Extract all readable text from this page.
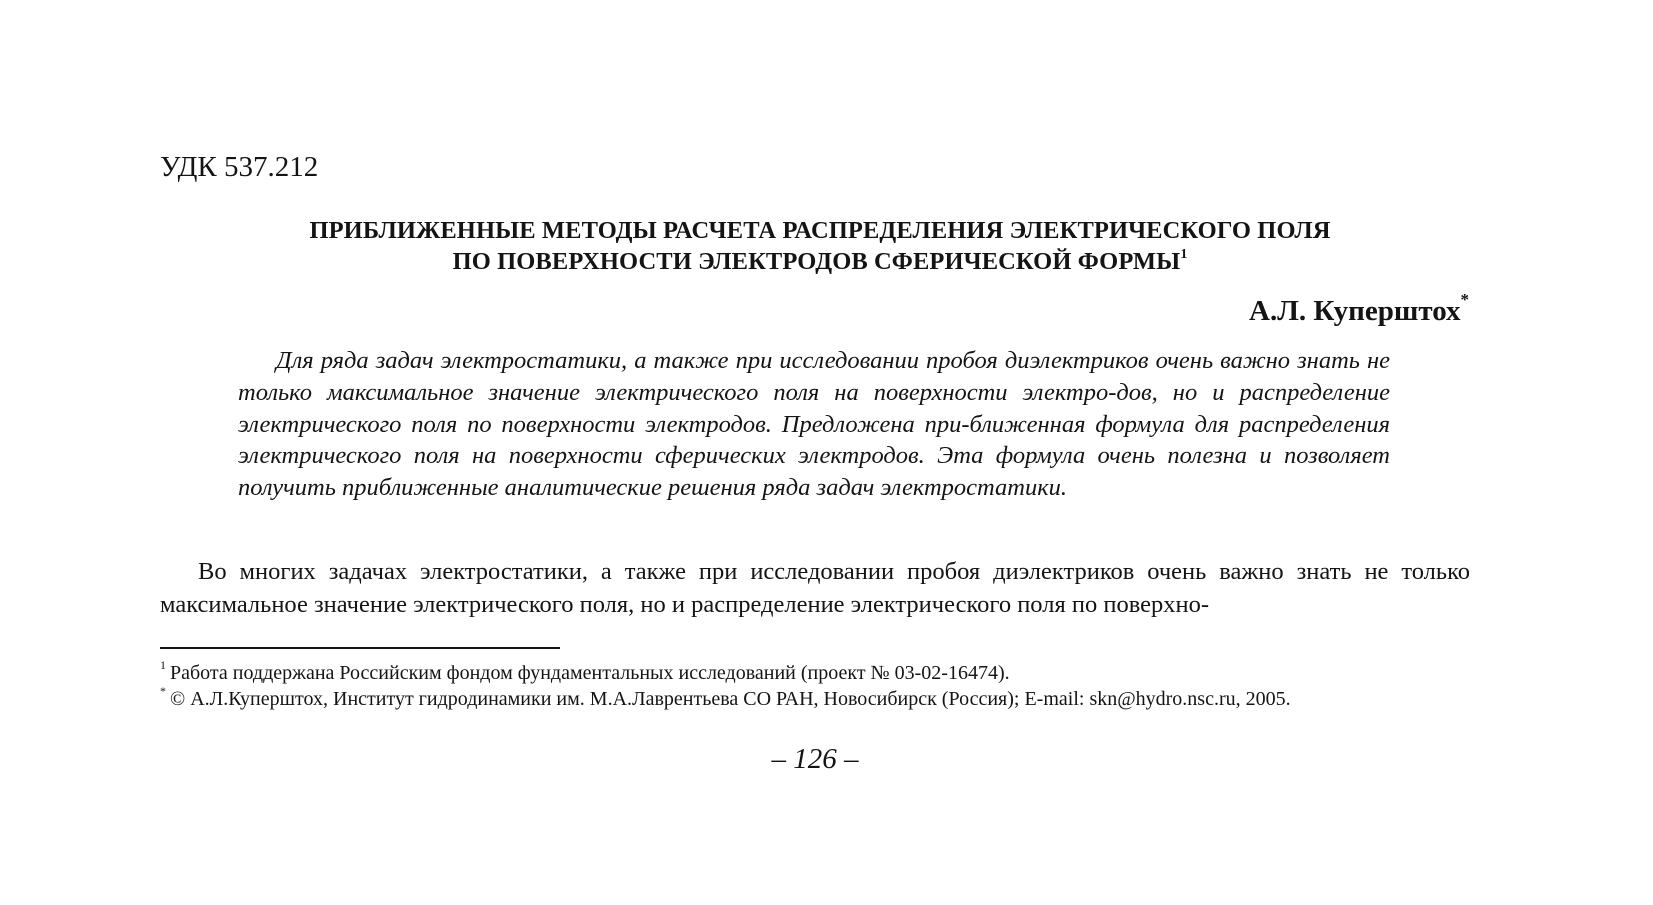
УДК 537.212

ПРИБЛИЖЕННЫЕ МЕТОДЫ РАСЧЕТА РАСПРЕДЕЛЕНИЯ ЭЛЕКТРИЧЕСКОГО ПОЛЯ
ПО ПОВЕРХНОСТИ ЭЛЕКТРОДОВ СФЕРИЧЕСКОЙ ФОРМЫ$^1$

А.Л. Куперштох*

Для ряда задач электростатики, а также при исследовании пробоя диэлектриков очень важно знать не только максимальное значение электрического поля на поверхности электро-дов, но и распределение электрического поля по поверхности электродов. Предложена при-ближенная формула для распределения электрического поля на поверхности сферических электродов. Эта формула очень полезна и позволяет получить приближенные аналитические решения ряда задач электростатики.

Во многих задачах электростатики, а также при исследовании пробоя диэлектриков очень важно знать не только максимальное значение электрического поля, но и распределение электрического поля по поверхно-

$^1$ Работа поддержана Российским фондом фундаментальных исследований (проект № 03-02-16474).
* © А.Л.Куперштох, Институт гидродинамики им. М.А.Лаврентьева СО РАН, Новосибирск (Россия); E-mail: skn@hydro.nsc.ru, 2005.

– 126 –
